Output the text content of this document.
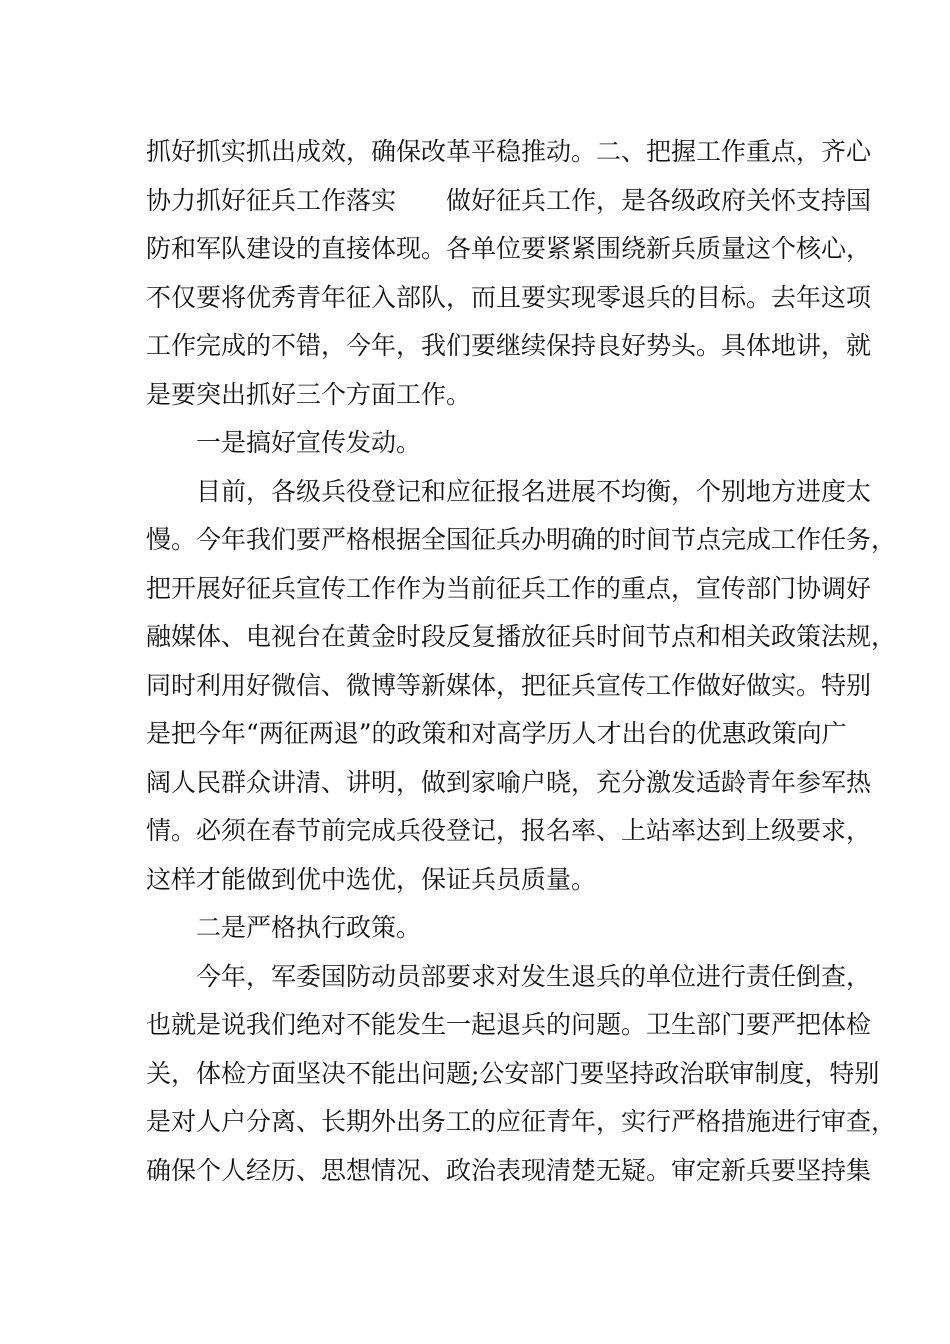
抓好抓实抓出成效，确保改革平稳推动。二、把握工作重点，齐心
协力抓好征兵工作落实　　做好征兵工作，是各级政府关怀支持国
防和军队建设的直接体现。各单位要紧紧围绕新兵质量这个核心，
不仅要将优秀青年征入部队，而且要实现零退兵的目标。去年这项
工作完成的不错，今年，我们要继续保持良好势头。具体地讲，就
是要突出抓好三个方面工作。
一是搞好宣传发动。
目前，各级兵役登记和应征报名进展不均衡，个别地方进度太
慢。今年我们要严格根据全国征兵办明确的时间节点完成工作任务，
把开展好征兵宣传工作作为当前征兵工作的重点，宣传部门协调好
融媒体、电视台在黄金时段反复播放征兵时间节点和相关政策法规，
同时利用好微信、微博等新媒体，把征兵宣传工作做好做实。特别
是把今年“两征两退”的政策和对高学历人才出台的优惠政策向广
阔人民群众讲清、讲明，做到家喻户晓，充分激发适龄青年参军热
情。必须在春节前完成兵役登记，报名率、上站率达到上级要求，
这样才能做到优中选优，保证兵员质量。
二是严格执行政策。
今年，军委国防动员部要求对发生退兵的单位进行责任倒查，
也就是说我们绝对不能发生一起退兵的问题。卫生部门要严把体检
关，体检方面坚决不能出问题;公安部门要坚持政治联审制度，特别
是对人户分离、长期外出务工的应征青年，实行严格措施进行审查，
确保个人经历、思想情况、政治表现清楚无疑。审定新兵要坚持集
